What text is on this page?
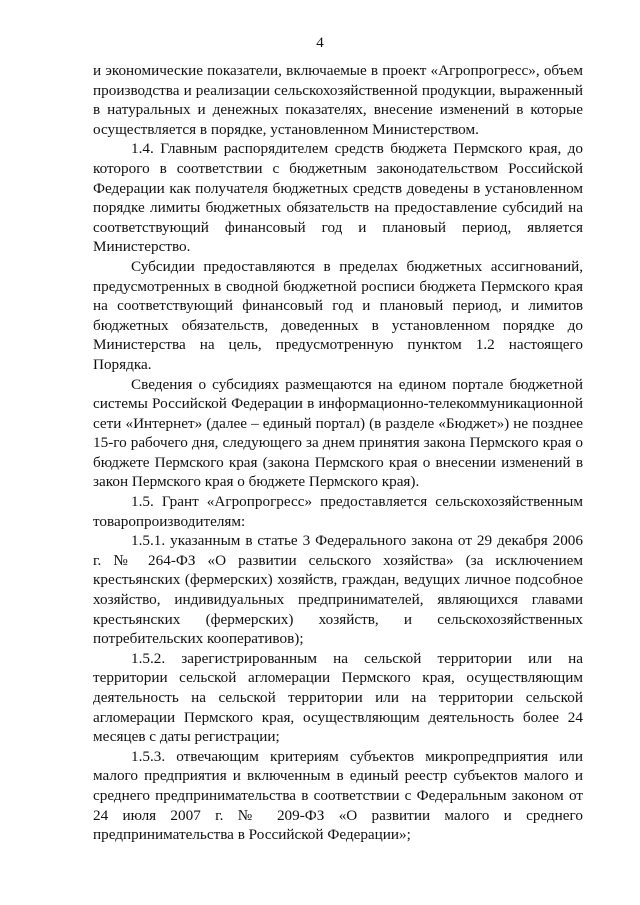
4

и экономические показатели, включаемые в проект «Агропрогресс», объем производства и реализации сельскохозяйственной продукции, выраженный в натуральных и денежных показателях, внесение изменений в которые осуществляется в порядке, установленном Министерством.

1.4. Главным распорядителем средств бюджета Пермского края, до которого в соответствии с бюджетным законодательством Российской Федерации как получателя бюджетных средств доведены в установленном порядке лимиты бюджетных обязательств на предоставление субсидий на соответствующий финансовый год и плановый период, является Министерство.

Субсидии предоставляются в пределах бюджетных ассигнований, предусмотренных в сводной бюджетной росписи бюджета Пермского края на соответствующий финансовый год и плановый период, и лимитов бюджетных обязательств, доведенных в установленном порядке до Министерства на цель, предусмотренную пунктом 1.2 настоящего Порядка.

Сведения о субсидиях размещаются на едином портале бюджетной системы Российской Федерации в информационно-телекоммуникационной сети «Интернет» (далее – единый портал) (в разделе «Бюджет») не позднее 15-го рабочего дня, следующего за днем принятия закона Пермского края о бюджете Пермского края (закона Пермского края о внесении изменений в закон Пермского края о бюджете Пермского края).

1.5. Грант «Агропрогресс» предоставляется сельскохозяйственным товаропроизводителям:

1.5.1. указанным в статье 3 Федерального закона от 29 декабря 2006 г. № 264-ФЗ «О развитии сельского хозяйства» (за исключением крестьянских (фермерских) хозяйств, граждан, ведущих личное подсобное хозяйство, индивидуальных предпринимателей, являющихся главами крестьянских (фермерских) хозяйств, и сельскохозяйственных потребительских кооперативов);

1.5.2. зарегистрированным на сельской территории или на территории сельской агломерации Пермского края, осуществляющим деятельность на сельской территории или на территории сельской агломерации Пермского края, осуществляющим деятельность более 24 месяцев с даты регистрации;

1.5.3. отвечающим критериям субъектов микропредприятия или малого предприятия и включенным в единый реестр субъектов малого и среднего предпринимательства в соответствии с Федеральным законом от 24 июля 2007 г. № 209-ФЗ «О развитии малого и среднего предпринимательства в Российской Федерации»;
